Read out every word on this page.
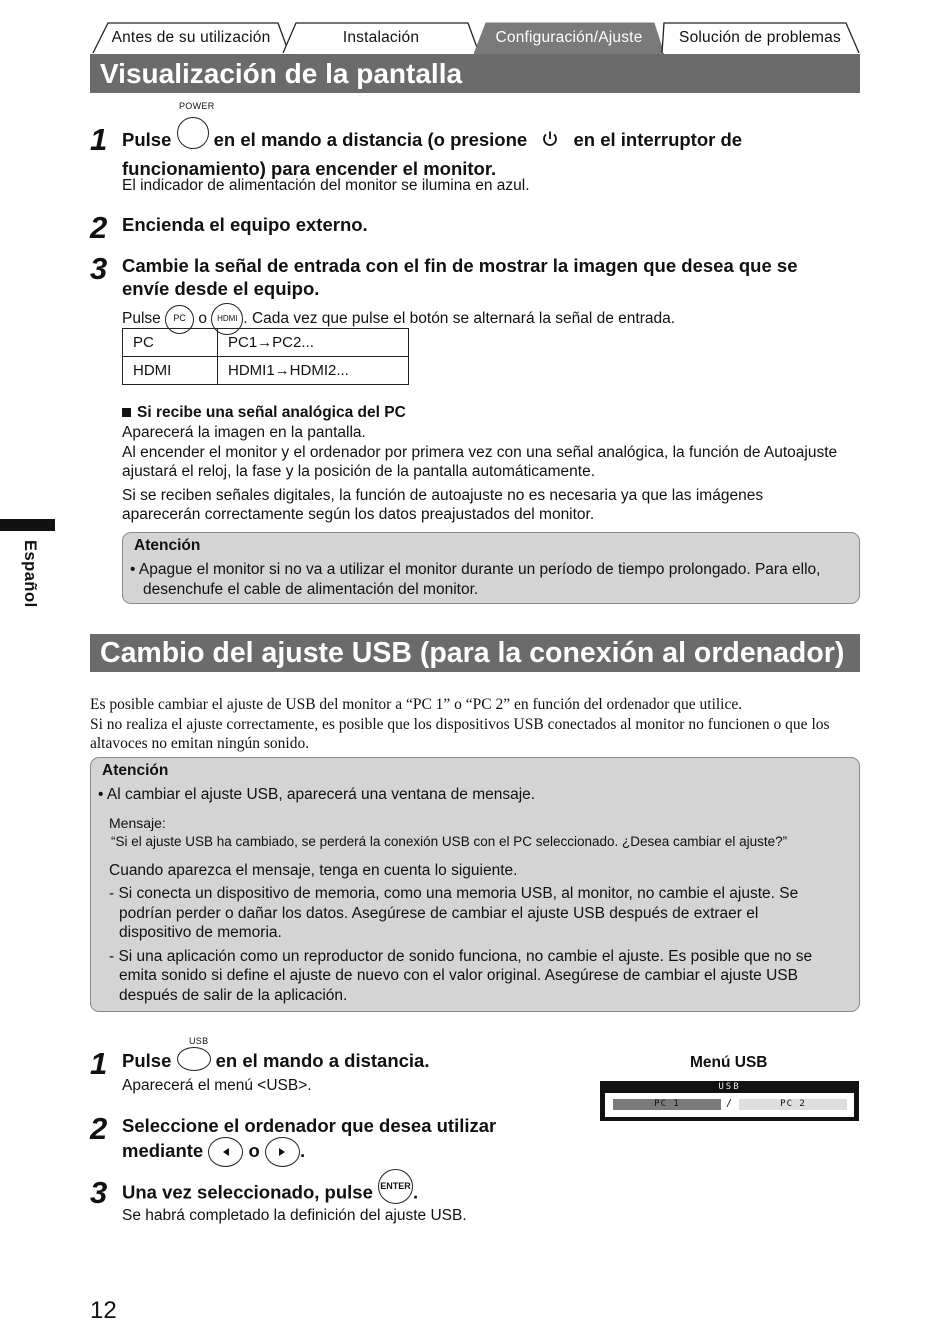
Antes de su utilización	Instalación	Configuración/Ajuste Solución de problemas
Visualización de la pantalla
1
POWER
Pulse en el mando a distancia (o presione	en el interruptor de
funcionamiento) para encender el monitor.
El indicador de alimentación del monitor se ilumina en azul.
2 Encienda el equipo externo.
3 Cambie la señal de entrada con el fin de mostrar la imagen que desea que se
envíe desde el equipo.
Pulse PC o HDMI . Cada vez que pulse el botón se alternará la señal de entrada.
PC	PC1→PC2...
HDMI	HDMI1→HDMI2...
Si recibe una señal analógica del PC
Aparecerá la imagen en la pantalla.
Al encender el monitor y el ordenador por primera vez con una señal analógica, la función de Autoajuste
ajustará el reloj, la fase y la posición de la pantalla automáticamente.
Si se reciben señales digitales, la función de autoajuste no es necesaria ya que las imágenes
aparecerán correctamente según los datos preajustados del monitor.
Atención
• Apague el monitor si no va a utilizar el monitor durante un período de tiempo prolongado. Para ello,
desenchufe el cable de alimentación del monitor.
Español
Cambio del ajuste USB (para la conexión al ordenador)
Es posible cambiar el ajuste de USB del monitor a “PC 1” o “PC 2” en función del ordenador que utilice.
Si no realiza el ajuste correctamente, es posible que los dispositivos USB conectados al monitor no funcionen o que los
altavoces no emitan ningún sonido.
Atención
• Al cambiar el ajuste USB, aparecerá una ventana de mensaje.
Mensaje:
“Si el ajuste USB ha cambiado, se perderá la conexión USB con el PC seleccionado. ¿Desea cambiar el ajuste?”
Cuando aparezca el mensaje, tenga en cuenta lo siguiente.
- Si conecta un dispositivo de memoria, como una memoria USB, al monitor, no cambie el ajuste. Se
podrían perder o dañar los datos. Asegúrese de cambiar el ajuste USB después de extraer el
dispositivo de memoria.
- Si una aplicación como un reproductor de sonido funciona, no cambie el ajuste. Es posible que no se
emita sonido si define el ajuste de nuevo con el valor original. Asegúrese de cambiar el ajuste USB
después de salir de la aplicación.
1
USB
Pulse en el mando a distancia.
Aparecerá el menú <USB>.
2 Seleccione el ordenador que desea utilizar
mediante o .
3 Una vez seleccionado, pulse ENTER .
Se habrá completado la definición del ajuste USB.
Menú USB
USB
PC 1	/	PC 2
12
